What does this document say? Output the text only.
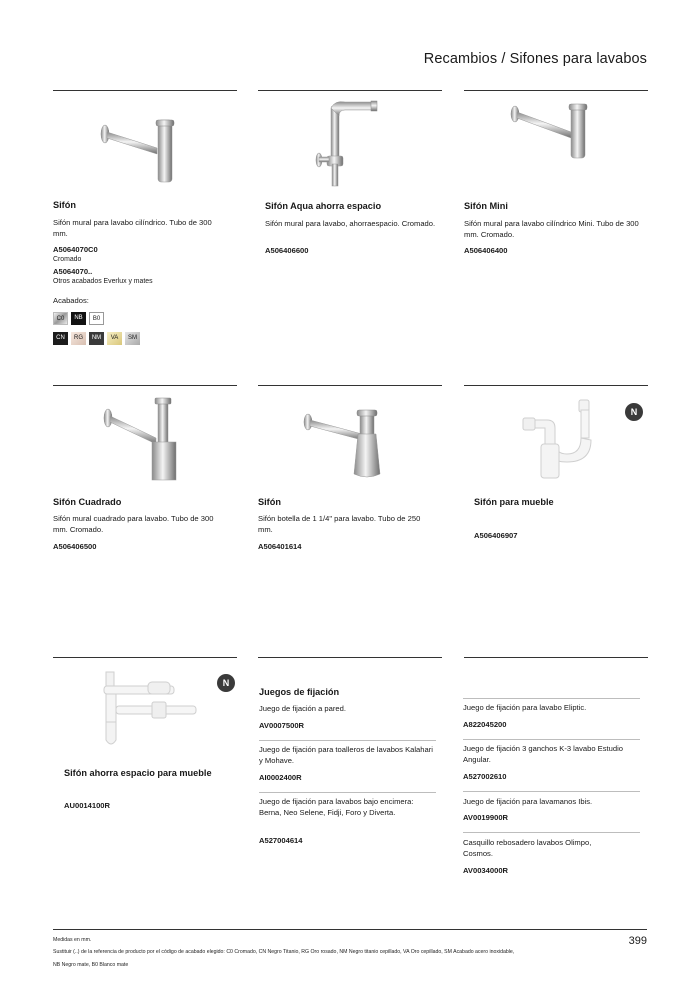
Recambios / Sifones para lavabos
Sifón
Sifón mural para lavabo cilíndrico. Tubo de 300 mm.
A5064070C0
Cromado
A5064070..
Otros acabados Everlux y mates
Acabados:
C0	NB	B0
CN	RG	NM	VA	SM
Sifón Aqua ahorra espacio
Sifón mural para lavabo, ahorraespacio. Cromado.
A506406600
Sifón Mini
Sifón mural para lavabo cilíndrico Mini. Tubo de 300 mm. Cromado.
A506406400
Sifón Cuadrado
Sifón mural cuadrado para lavabo. Tubo de 300 mm. Cromado.
A506406500
Sifón
Sifón botella de 1 1/4" para lavabo. Tubo de 250 mm.
A506401614
N
Sifón para mueble
A506406907
N
Sifón ahorra espacio para mueble
AU0014100R
Juegos de fijación
Juego de fijación a pared.
AV0007500R
Juego de fijación para toalleros de lavabos Kalahari y Mohave.
AI0002400R
Juego de fijación para lavabos bajo encimera: Berna, Neo Selene, Fidji, Foro y Diverta.
A527004614
Juego de fijación para lavabo Eliptic.
A822045200
Juego de fijación 3 ganchos K-3 lavabo Estudio Angular.
A527002610
Juego de fijación para lavamanos Ibis.
AV0019900R
Casquillo rebosadero lavabos Olimpo, Cosmos.
AV0034000R
Medidas en mm.
Sustituir (..) de la referencia de producto por el código de acabado elegido: C0 Cromado, CN Negro Titanio, RG Oro rosado, NM Negro titanio cepillado, VA Oro cepillado, SM Acabado acero inoxidable,
NB Negro mate, B0 Blanco mate
399
